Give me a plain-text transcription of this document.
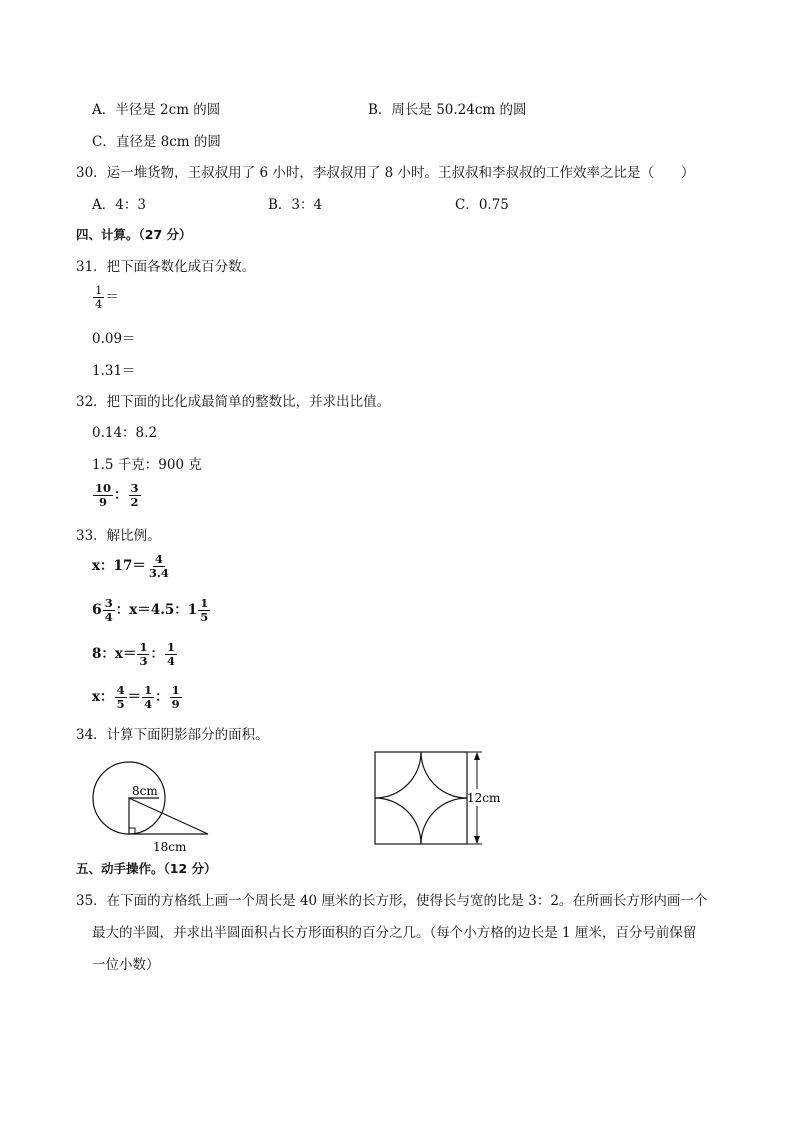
A．半径是 2cm 的圆	B．周长是 50.24cm 的圆
C．直径是 8cm 的圆
30．运一堆货物，王叔叔用了 6 小时，李叔叔用了 8 小时。王叔叔和李叔叔的工作效率之比是（　　）
A．4：3	B．3：4	C．0.75
四、计算。（27 分）
31．把下面各数化成百分数。
$\frac{1}{4}$ ＝
0.09＝
1.31＝
32．把下面的比化成最简单的整数比，并求出比值。
0.14：8.2
1.5 千克：900 克
$\frac{10}{9}$ ： $\frac{3}{2}$
33．解比例。
x：$17= \frac{4}{3.4}$
$6 \frac{3}{4}$ ：x＝4.5：$1 \frac{1}{5}$
8：$x= \frac{1}{3}$ ： $\frac{1}{4}$
x： $\frac{4}{5} = \frac{1}{4}$ ： $\frac{1}{9}$
34．计算下面阴影部分的面积。
8cm
18cm
12cm
五、动手操作。（12 分）
35．在下面的方格纸上画一个周长是 40 厘米的长方形，使得长与宽的比是 3：2。在所画长方形内画一个
最大的半圆，并求出半圆面积占长方形面积的百分之几。（每个小方格的边长是 1 厘米，百分号前保留
一位小数）
